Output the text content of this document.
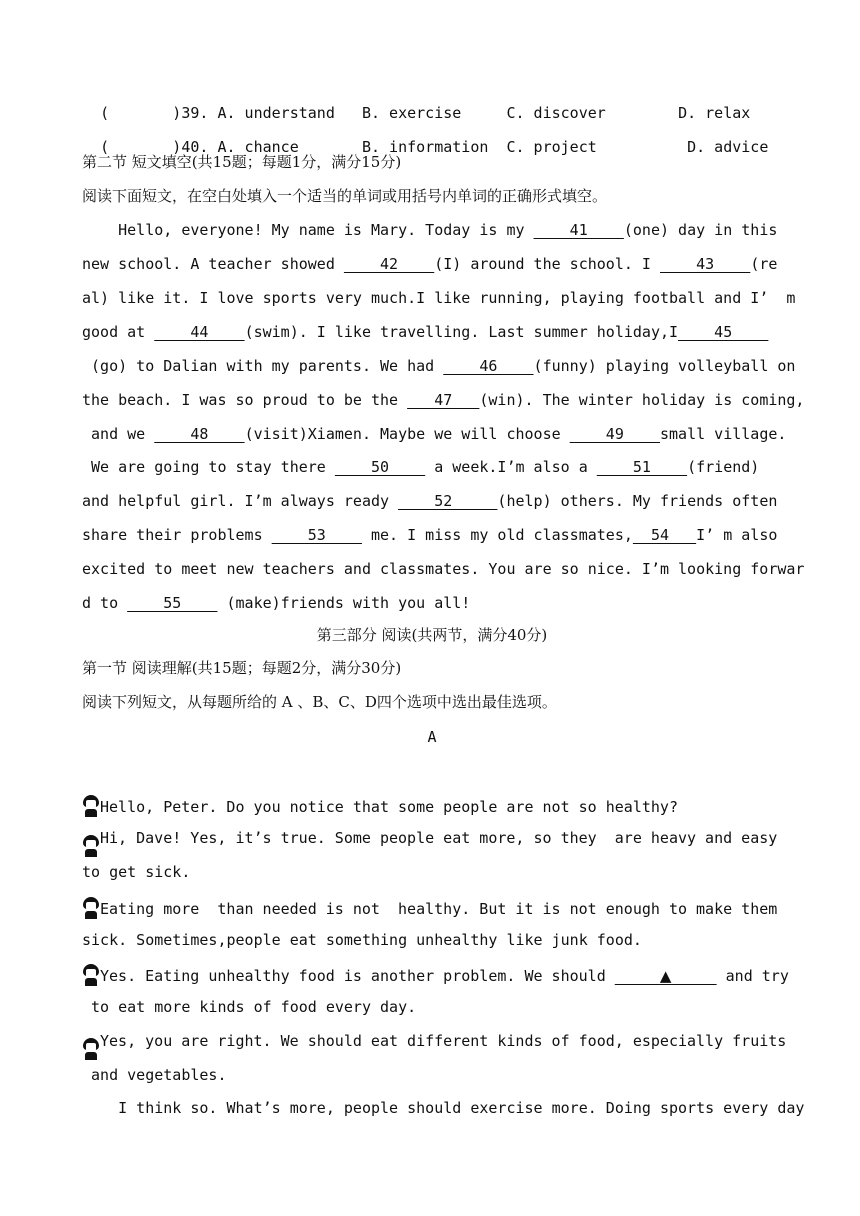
(       )39. A. understand B. exercise	C. discover	D. relax

(       )40. A. chance	B. information C. project	D. advice

第二节 短文填空(共15题；每题1分，满分15分)
阅读下面短文，在空白处填入一个适当的单词或用括号内单词的正确形式填空。
Hello, everyone! My name is Mary. Today is my     41    (one) day in this
new school. A teacher showed     42    (I) around the school. I     43    (re
al) like it. I love sports very much.I like running, playing football and I’  m
good at     44    (swim). I like travelling. Last summer holiday,I    45
(go) to Dalian with my parents. We had     46    (funny) playing volleyball on
the beach. I was so proud to be the    47   (win). The winter holiday is coming,
and we     48    (visit)Xiamen. Maybe we will choose     49    small village.
We are going to stay there     50     a week.I’m also a     51    (friend)
and helpful girl. I’m always ready     52     (help) others. My friends often
share their problems     53     me. I miss my old classmates,  54   I’ m also
excited to meet new teachers and classmates. You are so nice. I’m looking forwar
d to     55     (make)friends with you all!
第三部分 阅读(共两节，满分40分)
第一节 阅读理解(共15题；每题2分，满分30分)
阅读下列短文，从每题所给的 A 、B、C、D四个选项中选出最佳选项。
A
Hello, Peter. Do you notice that some people are not so healthy?
Hi, Dave! Yes, it’s true. Some people eat more, so they  are heavy and easy
to get sick.
Eating more  than needed is not  healthy. But it is not enough to make them
sick. Sometimes,people eat something unhealthy like junk food.
Yes. Eating unhealthy food is another problem. We should	▲	and try
to eat more kinds of food every day.
Yes, you are right. We should eat different kinds of food, especially fruits
and vegetables.
I think so. What’s more, people should exercise more. Doing sports every day
